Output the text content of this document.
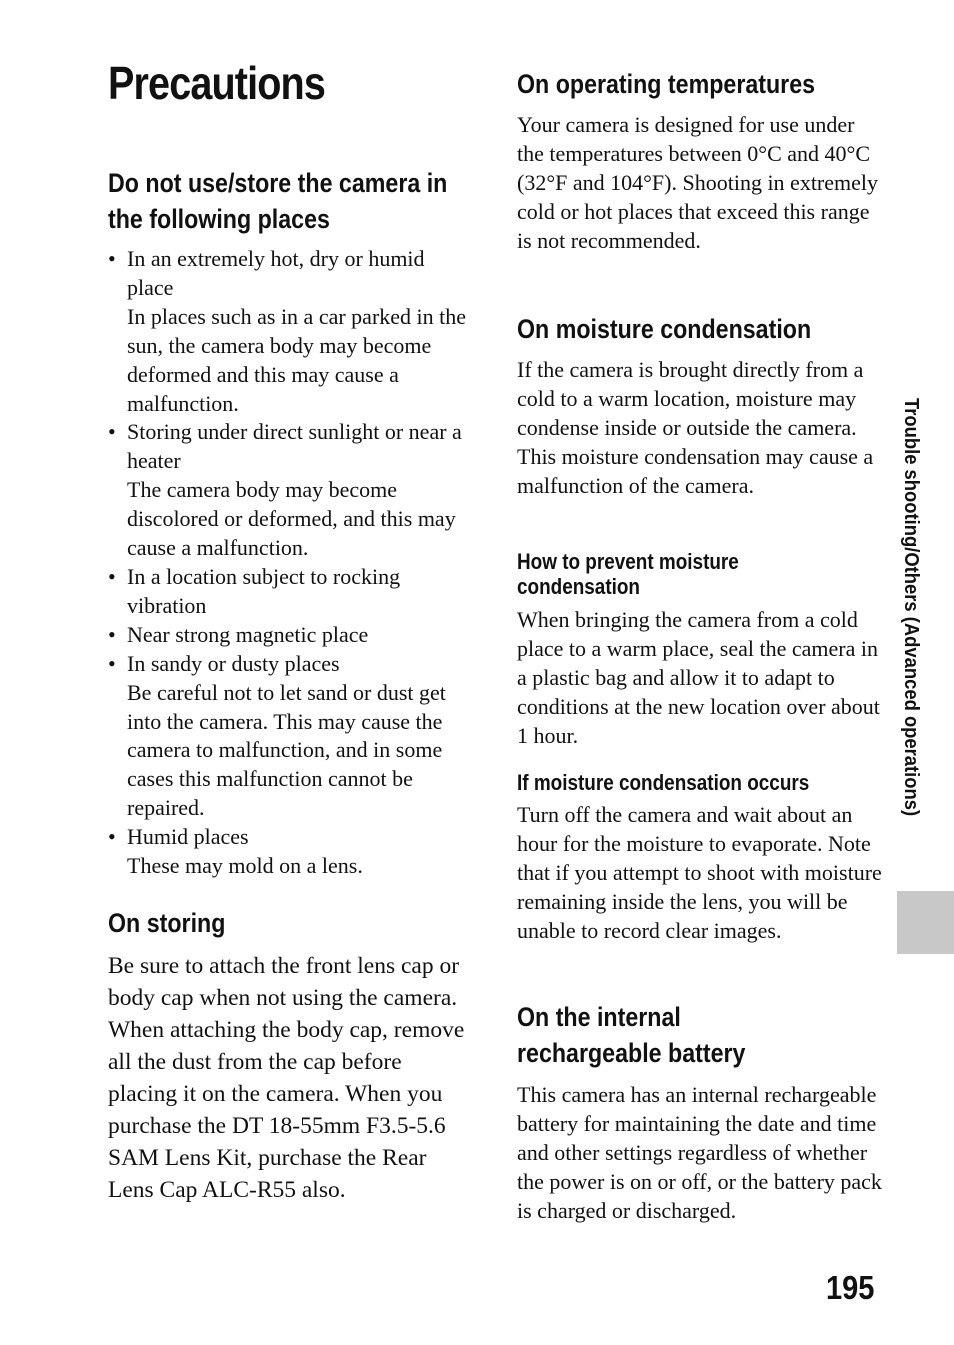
Precautions
Do not use/store the camera in the following places
• In an extremely hot, dry or humid place
In places such as in a car parked in the sun, the camera body may become deformed and this may cause a malfunction.
• Storing under direct sunlight or near a heater
The camera body may become discolored or deformed, and this may cause a malfunction.
• In a location subject to rocking vibration
• Near strong magnetic place
• In sandy or dusty places
Be careful not to let sand or dust get into the camera. This may cause the camera to malfunction, and in some cases this malfunction cannot be repaired.
• Humid places
These may mold on a lens.
On storing

Be sure to attach the front lens cap or body cap when not using the camera. When attaching the body cap, remove all the dust from the cap before placing it on the camera. When you purchase the DT 18-55mm F3.5-5.6 SAM Lens Kit, purchase the Rear Lens Cap ALC-R55 also.

On operating temperatures

Your camera is designed for use under the temperatures between 0°C and 40°C (32°F and 104°F). Shooting in extremely cold or hot places that exceed this range is not recommended.

On moisture condensation

If the camera is brought directly from a cold to a warm location, moisture may condense inside or outside the camera. This moisture condensation may cause a malfunction of the camera.

How to prevent moisture condensation

When bringing the camera from a cold place to a warm place, seal the camera in a plastic bag and allow it to adapt to conditions at the new location over about 1 hour.

If moisture condensation occurs

Turn off the camera and wait about an hour for the moisture to evaporate. Note that if you attempt to shoot with moisture remaining inside the lens, you will be unable to record clear images.

On the internal rechargeable battery

This camera has an internal rechargeable battery for maintaining the date and time and other settings regardless of whether the power is on or off, or the battery pack is charged or discharged.

Trouble shooting/Others (Advanced operations)
195
